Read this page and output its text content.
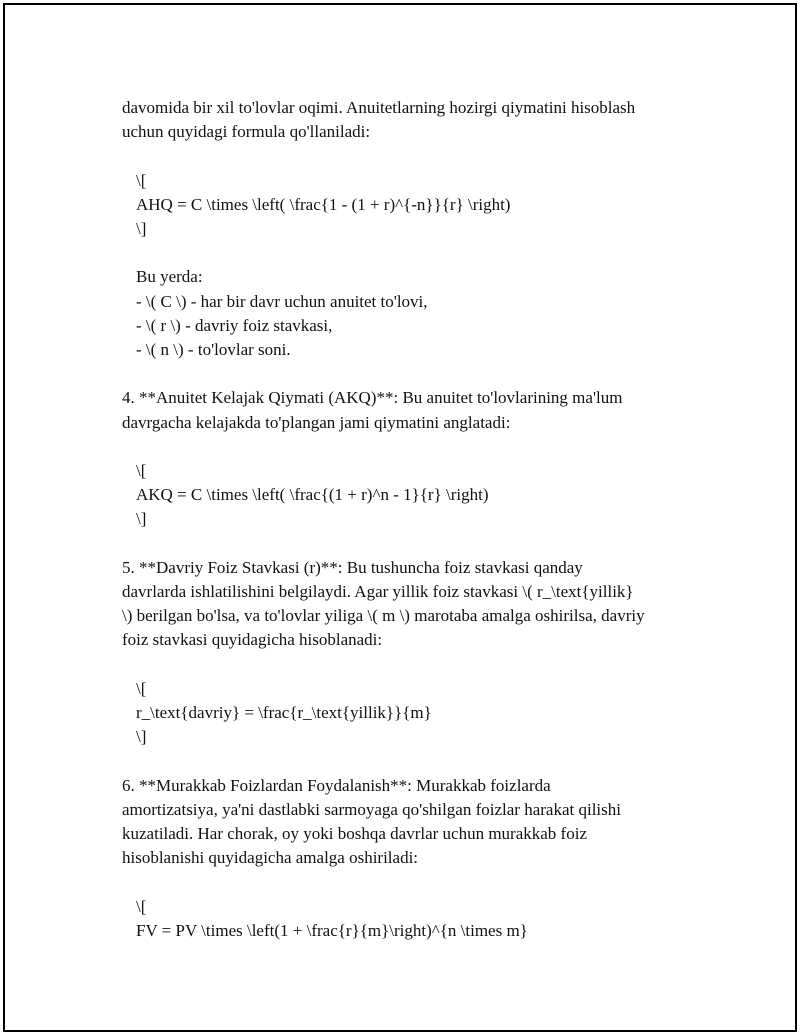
davomida bir xil to'lovlar oqimi. Anuitetlarning hozirgi qiymatini hisoblash
uchun quyidagi formula qo'llaniladi:

\[
AHQ = C \times \left( \frac{1 - (1 + r)^{-n}}{r} \right)
\]
Bu yerda:
- \( C \) - har bir davr uchun anuitet to'lovi,
- \( r \) - davriy foiz stavkasi,
- \( n \) - to'lovlar soni.

4. **Anuitet Kelajak Qiymati (AKQ)**: Bu anuitet to'lovlarining ma'lum
davrgacha kelajakda to'plangan jami qiymatini anglatadi:

\[
AKQ = C \times \left( \frac{(1 + r)^n - 1}{r} \right)
\]

5. **Davriy Foiz Stavkasi (r)**: Bu tushuncha foiz stavkasi qanday
davrlarda ishlatilishini belgilaydi. Agar yillik foiz stavkasi \( r_\text{yillik}
\) berilgan bo'lsa, va to'lovlar yiliga \( m \) marotaba amalga oshirilsa, davriy
foiz stavkasi quyidagicha hisoblanadi:

\[
r_\text{davriy} = \frac{r_\text{yillik}}{m}
\]

6. **Murakkab Foizlardan Foydalanish**: Murakkab foizlarda
amortizatsiya, ya'ni dastlabki sarmoyaga qo'shilgan foizlar harakat qilishi
kuzatiladi. Har chorak, oy yoki boshqa davrlar uchun murakkab foiz
hisoblanishi quyidagicha amalga oshiriladi:

\[
FV = PV \times \left(1 + \frac{r}{m}\right)^{n \times m}
